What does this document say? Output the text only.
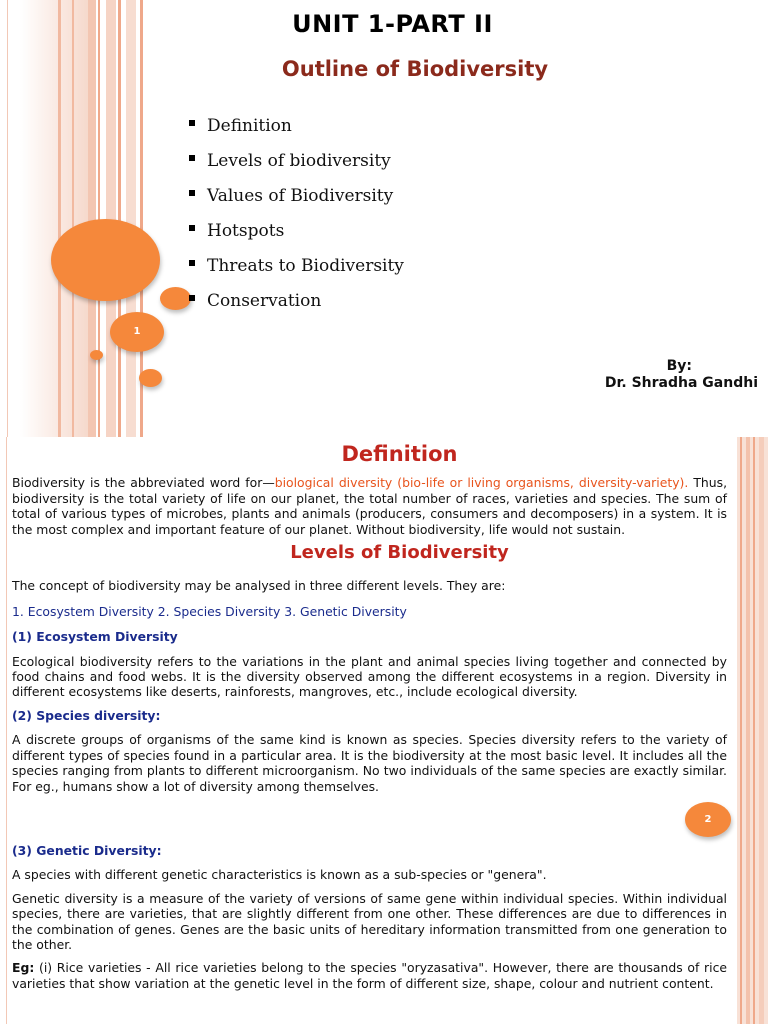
1
UNIT 1-PART II
Outline of Biodiversity
Definition
Levels of biodiversity
Values of Biodiversity
Hotspots
Threats to Biodiversity
Conservation
By:
Dr. Shradha Gandhi
Definition

Biodiversity is the abbreviated word for—biological diversity (bio-life or living organisms, diversity-variety). Thus, biodiversity is the total variety of life on our planet, the total number of races, varieties and species. The sum of total of various types of microbes, plants and animals (producers, consumers and decomposers) in a system. It is the most complex and important feature of our planet. Without biodiversity, life would not sustain.

Levels of Biodiversity

The concept of biodiversity may be analysed in three different levels. They are:

1. Ecosystem Diversity 2. Species Diversity 3. Genetic Diversity

(1) Ecosystem Diversity

Ecological biodiversity refers to the variations in the plant and animal species living together and connected by food chains and food webs. It is the diversity observed among the different ecosystems in a region. Diversity in different ecosystems like deserts, rainforests, mangroves, etc., include ecological diversity.

(2) Species diversity:

A discrete groups of organisms of the same kind is known as species. Species diversity refers to the variety of different types of species found in a particular area. It is the biodiversity at the most basic level. It includes all the species ranging from plants to different microorganism. No two individuals of the same species are exactly similar. For eg., humans show a lot of diversity among themselves.

(3) Genetic Diversity:

A species with different genetic characteristics is known as a sub-species or "genera".

Genetic diversity is a measure of the variety of versions of same gene within individual species. Within individual species, there are varieties, that are slightly different from one other. These differences are due to differences in the combination of genes. Genes are the basic units of hereditary information transmitted from one generation to the other.

Eg: (i) Rice varieties - All rice varieties belong to the species "oryzasativa". However, there are thousands of rice varieties that show variation at the genetic level in the form of different size, shape, colour and nutrient content.

2
